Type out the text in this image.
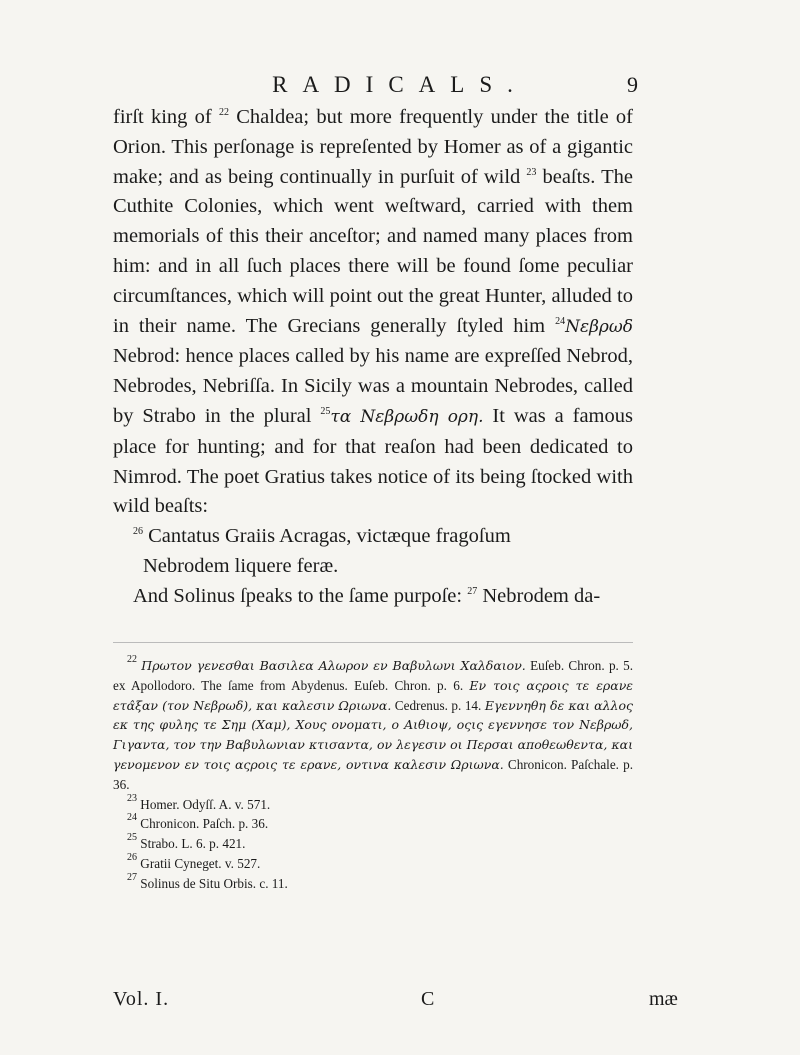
RADICALS.	9

firſt king of $^{22}$ Chaldea; but more frequently under the title of Orion. This perſonage is repreſented by Homer as of a gigantic make; and as being continually in purſuit of wild $^{23}$ beaſts. The Cuthite Colonies, which went weſtward, carried with them memorials of this their anceſtor; and named many places from him: and in all ſuch places there will be found ſome peculiar circumſtances, which will point out the great Hunter, alluded to in their name. The Grecians generally ſtyled him $^{24}$Νεβρωδ Nebrod: hence places called by his name are expreſſed Nebrod, Nebrodes, Nebriſſa. In Sicily was a mountain Nebrodes, called by Strabo in the plural $^{25}$τα Νεβρωδη ορη. It was a famous place for hunting; and for that reaſon had been dedicated to Nimrod. The poet Gratius takes notice of its being ſtocked with wild beaſts:

$^{26}$ Cantatus Graiis Acragas, victæque fragoſum

Nebrodem liquere feræ.

And Solinus ſpeaks to the ſame purpoſe: $^{27}$ Nebrodem da-

$^{22}$ Πρωτον γενεσθαι Βασιλεα Αλωρον εν Βαβυλωνι Χαλδαιον. Euſeb. Chron. p. 5. ex Apollodoro. The ſame from Abydenus. Euſeb. Chron. p. 6. Εν τοις αςροις τε ερανε ετα̂ξαν (τον Νεβρωδ), και καλεσιν Ωριωνα. Cedrenus. p. 14. Εγεννηθη δε και αλλος εκ της φυλης τε Σημ (Χαμ), Χους ονοματι, ο Αιθιοψ, οςις εγεννησε τον Νεβρωδ, Γιγαντα, τον την Βαβυλωνιαν κτισαντα, ον λεγεσιν οι Περσαι αποθεωθεντα, και γενομενον εν τοις αςροις τε ερανε, οντινα καλεσιν Ωριωνα. Chronicon. Paſchale. p. 36.

$^{23}$ Homer. Odyſſ. A. v. 571.

$^{24}$ Chronicon. Paſch. p. 36.

$^{25}$ Strabo. L. 6. p. 421.

$^{26}$ Gratii Cyneget. v. 527.

$^{27}$ Solinus de Situ Orbis. c. 11.

Vol. I.	C	mæ
